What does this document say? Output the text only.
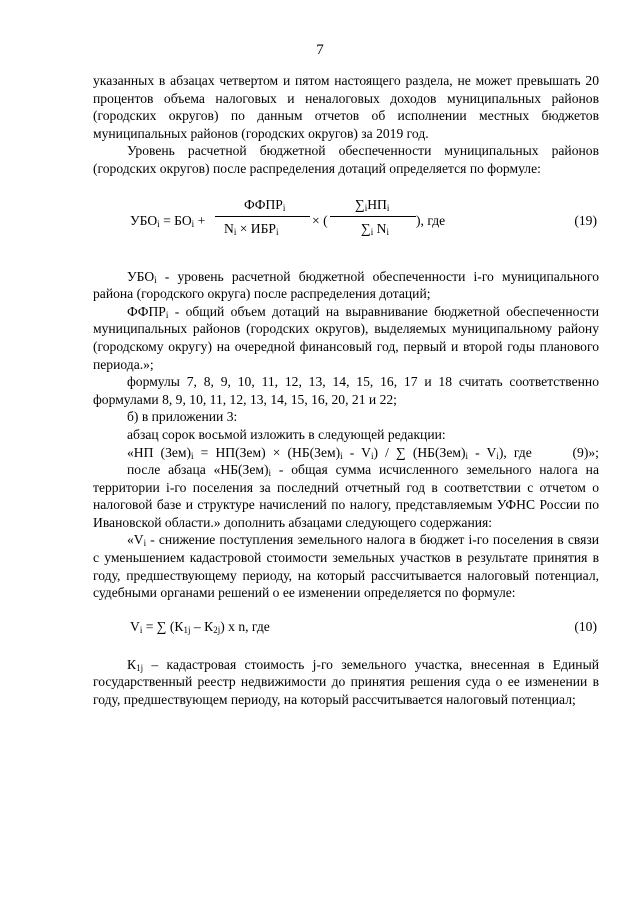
7

указанных в абзацах четвертом и пятом настоящего раздела, не может превышать 20 процентов объема налоговых и неналоговых доходов муниципальных районов (городских округов) по данным отчетов об исполнении местных бюджетов муниципальных районов (городских округов) за 2019 год.

Уровень расчетной бюджетной обеспеченности муниципальных районов (городских округов) после распределения дотаций определяется по формуле:

$УБО_i = БО_i$ +
$ФФПР_i$
$N_i \times ИБР_i$
× (
$\sum_iНП_i$
$\sum_i$ $N_i$
), где	(19)

$УБО_i$ - уровень расчетной бюджетной обеспеченности i-го муниципального района (городского округа) после распределения дотаций;

$ФФПР_i$ - общий объем дотаций на выравнивание бюджетной обеспеченности муниципальных районов (городских округов), выделяемых муниципальному району (городскому округу) на очередной финансовый год, первый и второй годы планового периода.»;

формулы 7, 8, 9, 10, 11, 12, 13, 14, 15, 16, 17 и 18 считать соответственно формулами 8, 9, 10, 11, 12, 13, 14, 15, 16, 20, 21 и 22;

б) в приложении 3:

абзац сорок восьмой изложить в следующей редакции:

«НП $(Зем)_i = НП(Зем) \times (НБ(Зем)_i - V_i)$ / ∑ $(НБ(Зем)_i - V_i)$, где   	(9)»;

после абзаца «$НБ(Зем)_i$ - общая сумма исчисленного земельного налога на территории i-го поселения за последний отчетный год в соответствии с отчетом о налоговой базе и структуре начислений по налогу, представляемым УФНС России по Ивановской области.» дополнить абзацами следующего содержания:

«$V_i$ - снижение поступления земельного налога в бюджет i-го поселения в связи с уменьшением кадастровой стоимости земельных участков в результате принятия в году, предшествующему периоду, на который рассчитывается налоговый потенциал, судебными органами решений о ее изменении определяется по формуле:

$V_i$ = ∑ $(К_{1j} - К_{2j})$ х n, где	(10)

$К_{1j}$ – кадастровая стоимость j-го земельного участка, внесенная в Единый государственный реестр недвижимости до принятия решения суда о ее изменении в году, предшествующем периоду, на который рассчитывается налоговый потенциал;
